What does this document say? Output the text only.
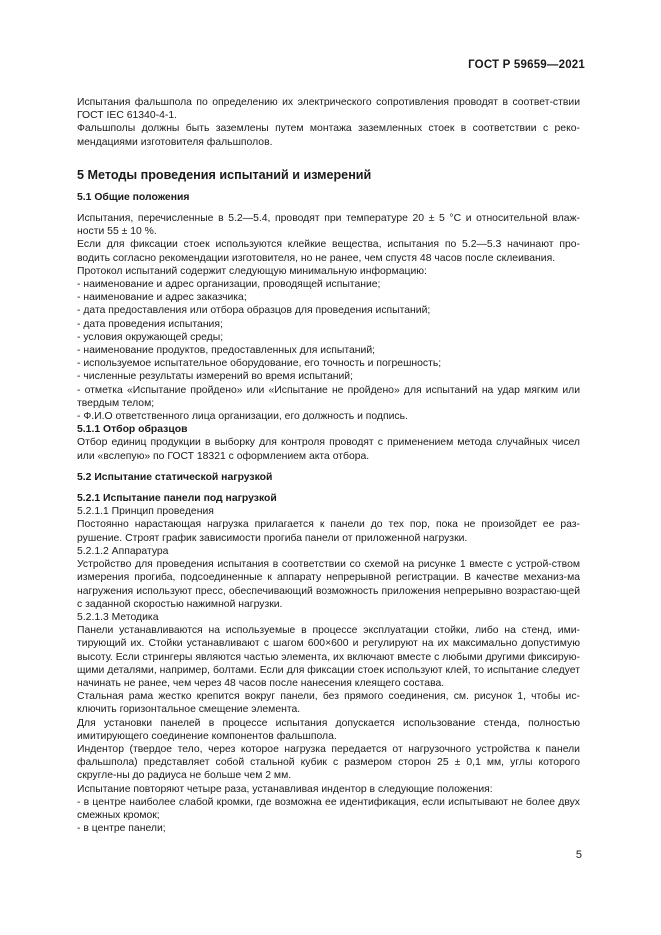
ГОСТ Р 59659—2021

Испытания фальшпола по определению их электрического сопротивления проводят в соответ-ствии ГОСТ IEC 61340-4-1.

Фальшполы должны быть заземлены путем монтажа заземленных стоек в соответствии с реко-мендациями изготовителя фальшполов.

5 Методы проведения испытаний и измерений

5.1 Общие положения

Испытания, перечисленные в 5.2—5.4, проводят при температуре 20 ± 5 °С и относительной влаж-ности 55 ± 10 %.

Если для фиксации стоек используются клейкие вещества, испытания по 5.2—5.3 начинают про-водить согласно рекомендации изготовителя, но не ранее, чем спустя 48 часов после склеивания.

Протокол испытаний содержит следующую минимальную информацию:

- наименование и адрес организации, проводящей испытание;

- наименование и адрес заказчика;

- дата предоставления или отбора образцов для проведения испытаний;

- дата проведения испытания;

- условия окружающей среды;

- наименование продуктов, предоставленных для испытаний;

- используемое испытательное оборудование, его точность и погрешность;

- численные результаты измерений во время испытаний;

- отметка «Испытание пройдено» или «Испытание не пройдено» для испытаний на удар мягким или твердым телом;

- Ф.И.О ответственного лица организации, его должность и подпись.

5.1.1 Отбор образцов

Отбор единиц продукции в выборку для контроля проводят с применением метода случайных чисел или «вслепую» по ГОСТ 18321 с оформлением акта отбора.

5.2 Испытание статической нагрузкой

5.2.1 Испытание панели под нагрузкой

5.2.1.1 Принцип проведения

Постоянно нарастающая нагрузка прилагается к панели до тех пор, пока не произойдет ее раз-рушение. Строят график зависимости прогиба панели от приложенной нагрузки.

5.2.1.2 Аппаратура

Устройство для проведения испытания в соответствии со схемой на рисунке 1 вместе с устрой-ством измерения прогиба, подсоединенные к аппарату непрерывной регистрации. В качестве механиз-ма нагружения используют пресс, обеспечивающий возможность приложения непрерывно возрастаю-щей с заданной скоростью нажимной нагрузки.

5.2.1.3 Методика

Панели устанавливаются на используемые в процессе эксплуатации стойки, либо на стенд, ими-тирующий их. Стойки устанавливают с шагом 600×600 и регулируют на их максимально допустимую высоту. Если стрингеры являются частью элемента, их включают вместе с любыми другими фиксирую-щими деталями, например, болтами. Если для фиксации стоек используют клей, то испытание следует начинать не ранее, чем через 48 часов после нанесения клеящего состава.

Стальная рама жестко крепится вокруг панели, без прямого соединения, см. рисунок 1, чтобы ис-ключить горизонтальное смещение элемента.

Для установки панелей в процессе испытания допускается использование стенда, полностью имитирующего соединение компонентов фальшпола.

Индентор (твердое тело, через которое нагрузка передается от нагрузочного устройства к панели фальшпола) представляет собой стальной кубик с размером сторон 25 ± 0,1 мм, углы которого скругле-ны до радиуса не больше чем 2 мм.

Испытание повторяют четыре раза, устанавливая индентор в следующие положения:

- в центре наиболее слабой кромки, где возможна ее идентификация, если испытывают не более двух смежных кромок;

- в центре панели;

5
